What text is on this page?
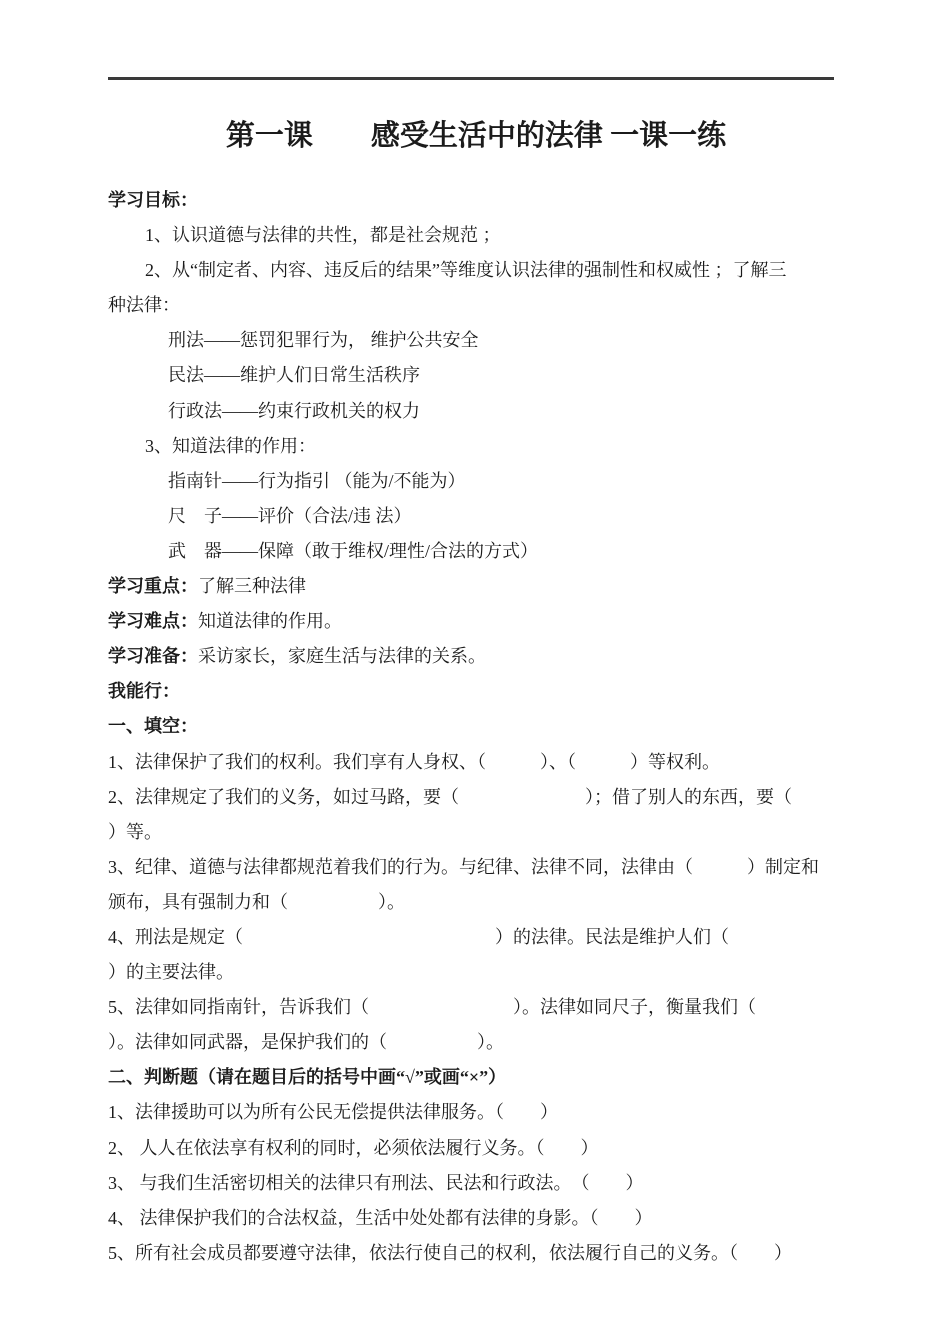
第一课　　感受生活中的法律 一课一练
学习目标：
1、认识道德与法律的共性，都是社会规范 ；
2、从“制定者、内容、违反后的结果”等维度认识法律的强制性和权威性 ；了解三
种法律：
刑法——惩罚犯罪行为， 维护公共安全
民法——维护人们日常生活秩序
行政法——约束行政机关的权力
3、知道法律的作用：
指南针——行为指引 （能为/不能为）
尺　子——评价（合法/违 法）
武　器——保障（敢于维权/理性/合法的方式）
学习重点：了解三种法律
学习难点：知道法律的作用。
学习准备：采访家长，家庭生活与法律的关系。
我能行：
一、填空：
1、法律保护了我们的权利。我们享有人身权、（　　　）、（　　　）等权利。
2、法律规定了我们的义务，如过马路，要（　　　　　　　）；借了别人的东西，要（
）等。
3、纪律、道德与法律都规范着我们的行为。与纪律、法律不同，法律由（　　　）制定和
颁布，具有强制力和（　　　　　）。
4、刑法是规定（　　　　　　　　　　　　　　）的法律。民法是维护人们（
）的主要法律。
5、法律如同指南针，告诉我们（　　　　　　　　）。法律如同尺子，衡量我们（
）。法律如同武器，是保护我们的（　　　　　）。
二、判断题（请在题目后的括号中画“√”或画“×”）
1、法律援助可以为所有公民无偿提供法律服务。（　　）
2、 人人在依法享有权利的同时，必须依法履行义务。（　　）
3、 与我们生活密切相关的法律只有刑法、民法和行政法。　（　　）
4、 法律保护我们的合法权益，生活中处处都有法律的身影。（　　）
5、所有社会成员都要遵守法律，依法行使自己的权利，依法履行自己的义务。（　　）
